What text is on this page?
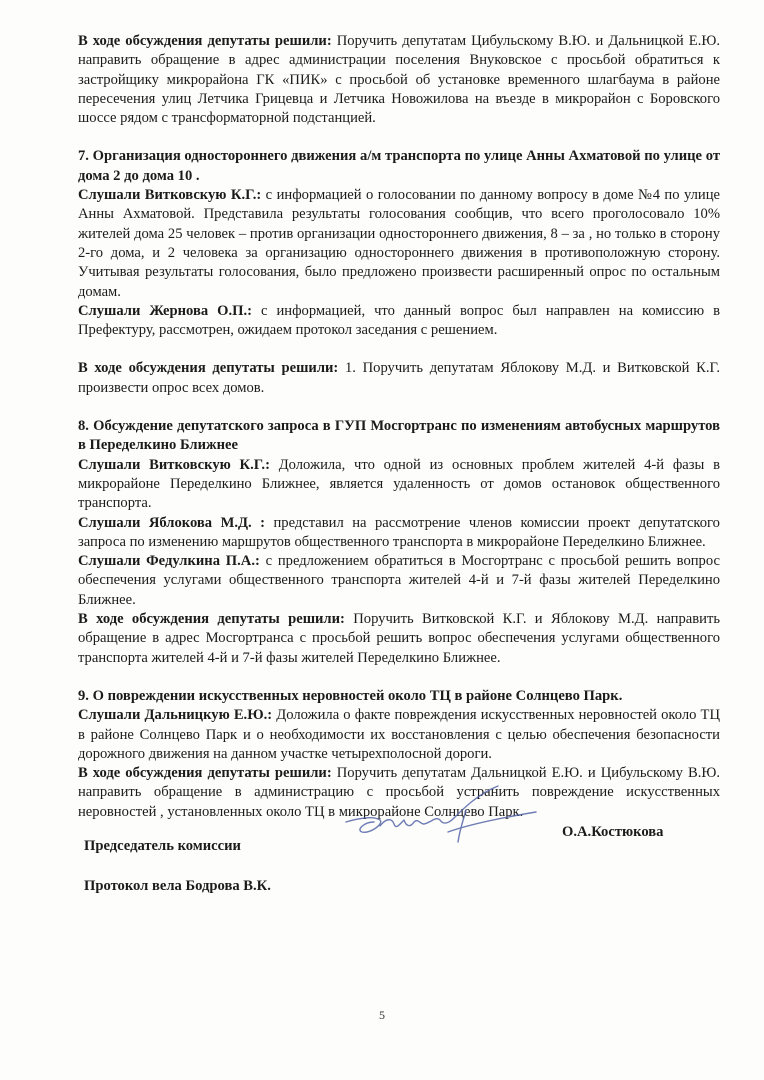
В ходе обсуждения депутаты решили: Поручить депутатам Цибульскому В.Ю. и Дальницкой Е.Ю. направить обращение в адрес администрации поселения Внуковское с просьбой обратиться к застройщику микрорайона ГК «ПИК» с просьбой об установке временного шлагбаума в районе пересечения улиц Летчика Грицевца и Летчика Новожилова на въезде в микрорайон с Боровского шоссе рядом с трансформаторной подстанцией.

7. Организация одностороннего движения а/м транспорта по улице Анны Ахматовой по улице от дома 2 до дома 10 .

Слушали Витковскую К.Г.: с информацией о голосовании по данному вопросу в доме №4 по улице Анны Ахматовой. Представила результаты голосования сообщив, что всего проголосовало 10% жителей дома 25 человек – против организации одностороннего движения, 8 – за , но только в сторону 2-го дома, и 2 человека за организацию одностороннего движения в противоположную сторону. Учитывая результаты голосования, было предложено произвести расширенный опрос по остальным домам.

Слушали Жернова О.П.: с информацией, что данный вопрос был направлен на комиссию в Префектуру, рассмотрен, ожидаем протокол заседания с решением.

В ходе обсуждения депутаты решили: 1. Поручить депутатам Яблокову М.Д. и Витковской К.Г. произвести опрос всех домов.

8. Обсуждение депутатского запроса в ГУП Мосгортранс по изменениям автобусных маршрутов в Переделкино Ближнее

Слушали Витковскую К.Г.: Доложила, что одной из основных проблем жителей 4-й фазы в микрорайоне Переделкино Ближнее, является удаленность от домов остановок общественного транспорта.

Слушали Яблокова М.Д. : представил на рассмотрение членов комиссии проект депутатского запроса по изменению маршрутов общественного транспорта в микрорайоне Переделкино Ближнее.

Слушали Федулкина П.А.: с предложением обратиться в Мосгортранс с просьбой решить вопрос обеспечения услугами общественного транспорта жителей 4-й и 7-й фазы жителей Переделкино Ближнее.

В ходе обсуждения депутаты решили: Поручить Витковской К.Г. и Яблокову М.Д. направить обращение в адрес Мосгортранса с просьбой решить вопрос обеспечения услугами общественного транспорта жителей 4-й и 7-й фазы жителей Переделкино Ближнее.

9. О повреждении искусственных неровностей около ТЦ в районе Солнцево Парк.

Слушали Дальницкую Е.Ю.: Доложила о факте повреждения искусственных неровностей около ТЦ в районе Солнцево Парк и о необходимости их восстановления с целью обеспечения безопасности дорожного движения на данном участке четырехполосной дороги.

В ходе обсуждения депутаты решили: Поручить депутатам Дальницкой Е.Ю. и Цибульскому В.Ю. направить обращение в администрацию с просьбой устранить повреждение искусственных неровностей , установленных около ТЦ в микрорайоне Солнцево Парк.

О.А.Костюкова
Председатель комиссии
Протокол вела Бодрова В.К.
5
